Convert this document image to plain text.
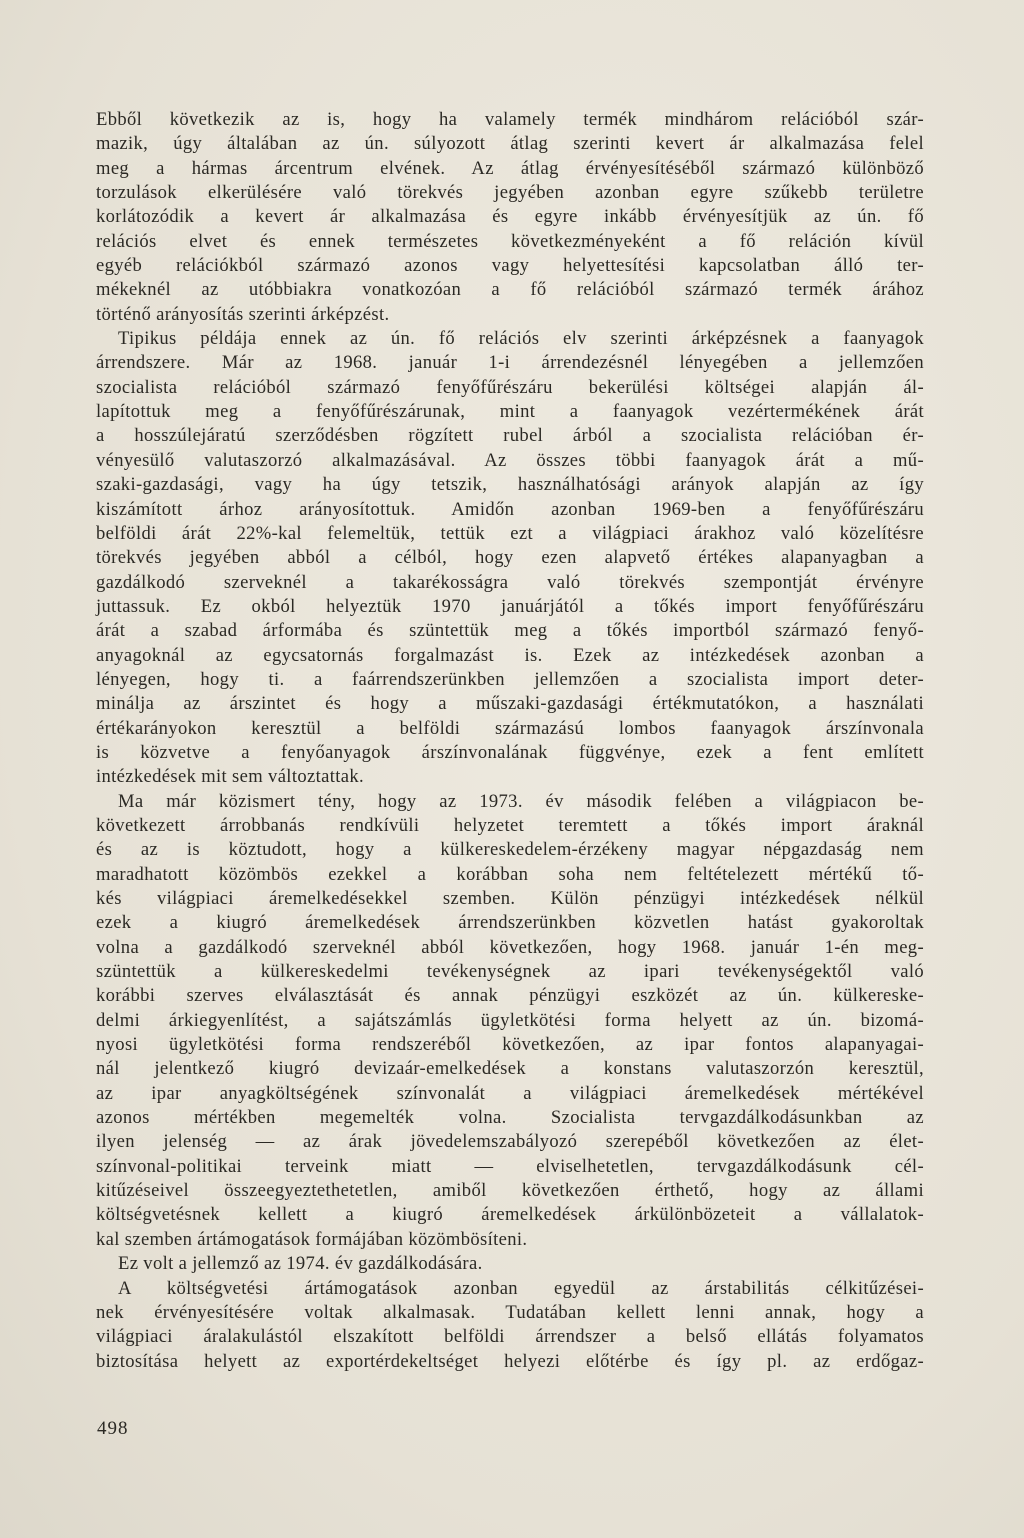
Ebből következik az is, hogy ha valamely termék mindhárom relációból szár-
mazik, úgy általában az ún. súlyozott átlag szerinti kevert ár alkalmazása felel
meg a hármas árcentrum elvének. Az átlag érvényesítéséből származó különböző
torzulások elkerülésére való törekvés jegyében azonban egyre szűkebb területre
korlátozódik a kevert ár alkalmazása és egyre inkább érvényesítjük az ún. fő
relációs elvet és ennek természetes következményeként a fő reláción kívül
egyéb relációkból származó azonos vagy helyettesítési kapcsolatban álló ter-
mékeknél az utóbbiakra vonatkozóan a fő relációból származó termék árához
történő arányosítás szerinti árképzést.
Tipikus példája ennek az ún. fő relációs elv szerinti árképzésnek a faanyagok
árrendszere. Már az 1968. január 1-i árrendezésnél lényegében a jellemzően
szocialista relációból származó fenyőfűrészáru bekerülési költségei alapján ál-
lapítottuk meg a fenyőfűrészárunak, mint a faanyagok vezértermékének árát
a hosszúlejáratú szerződésben rögzített rubel árból a szocialista relációban ér-
vényesülő valutaszorzó alkalmazásával. Az összes többi faanyagok árát a mű-
szaki-gazdasági, vagy ha úgy tetszik, használhatósági arányok alapján az így
kiszámított árhoz arányosítottuk. Amidőn azonban 1969-ben a fenyőfűrészáru
belföldi árát 22%-kal felemeltük, tettük ezt a világpiaci árakhoz való közelítésre
törekvés jegyében abból a célból, hogy ezen alapvető értékes alapanyagban a
gazdálkodó szerveknél a takarékosságra való törekvés szempontját érvényre
juttassuk. Ez okból helyeztük 1970 januárjától a tőkés import fenyőfűrészáru
árát a szabad árformába és szüntettük meg a tőkés importból származó fenyő-
anyagoknál az egycsatornás forgalmazást is. Ezek az intézkedések azonban a
lényegen, hogy ti. a faárrendszerünkben jellemzően a szocialista import deter-
minálja az árszintet és hogy a műszaki-gazdasági értékmutatókon, a használati
értékarányokon keresztül a belföldi származású lombos faanyagok árszínvonala
is közvetve a fenyőanyagok árszínvonalának függvénye, ezek a fent említett
intézkedések mit sem változtattak.
Ma már közismert tény, hogy az 1973. év második felében a világpiacon be-
következett árrobbanás rendkívüli helyzetet teremtett a tőkés import áraknál
és az is köztudott, hogy a külkereskedelem-érzékeny magyar népgazdaság nem
maradhatott közömbös ezekkel a korábban soha nem feltételezett mértékű tő-
kés világpiaci áremelkedésekkel szemben. Külön pénzügyi intézkedések nélkül
ezek a kiugró áremelkedések árrendszerünkben közvetlen hatást gyakoroltak
volna a gazdálkodó szerveknél abból következően, hogy 1968. január 1-én meg-
szüntettük a külkereskedelmi tevékenységnek az ipari tevékenységektől való
korábbi szerves elválasztását és annak pénzügyi eszközét az ún. külkereske-
delmi árkiegyenlítést, a sajátszámlás ügyletkötési forma helyett az ún. bizomá-
nyosi ügyletkötési forma rendszeréből következően, az ipar fontos alapanyagai-
nál jelentkező kiugró devizaár-emelkedések a konstans valutaszorzón keresztül,
az ipar anyagköltségének színvonalát a világpiaci áremelkedések mértékével
azonos mértékben megemelték volna. Szocialista tervgazdálkodásunkban az
ilyen jelenség — az árak jövedelemszabályozó szerepéből következően az élet-
színvonal-politikai terveink miatt — elviselhetetlen, tervgazdálkodásunk cél-
kitűzéseivel összeegyeztethetetlen, amiből következően érthető, hogy az állami
költségvetésnek kellett a kiugró áremelkedések árkülönbözeteit a vállalatok-
kal szemben ártámogatások formájában közömbösíteni.
Ez volt a jellemző az 1974. év gazdálkodására.
A költségvetési ártámogatások azonban egyedül az árstabilitás célkitűzései-
nek érvényesítésére voltak alkalmasak. Tudatában kellett lenni annak, hogy a
világpiaci áralakulástól elszakított belföldi árrendszer a belső ellátás folyamatos
biztosítása helyett az exportérdekeltséget helyezi előtérbe és így pl. az erdőgaz-
498
